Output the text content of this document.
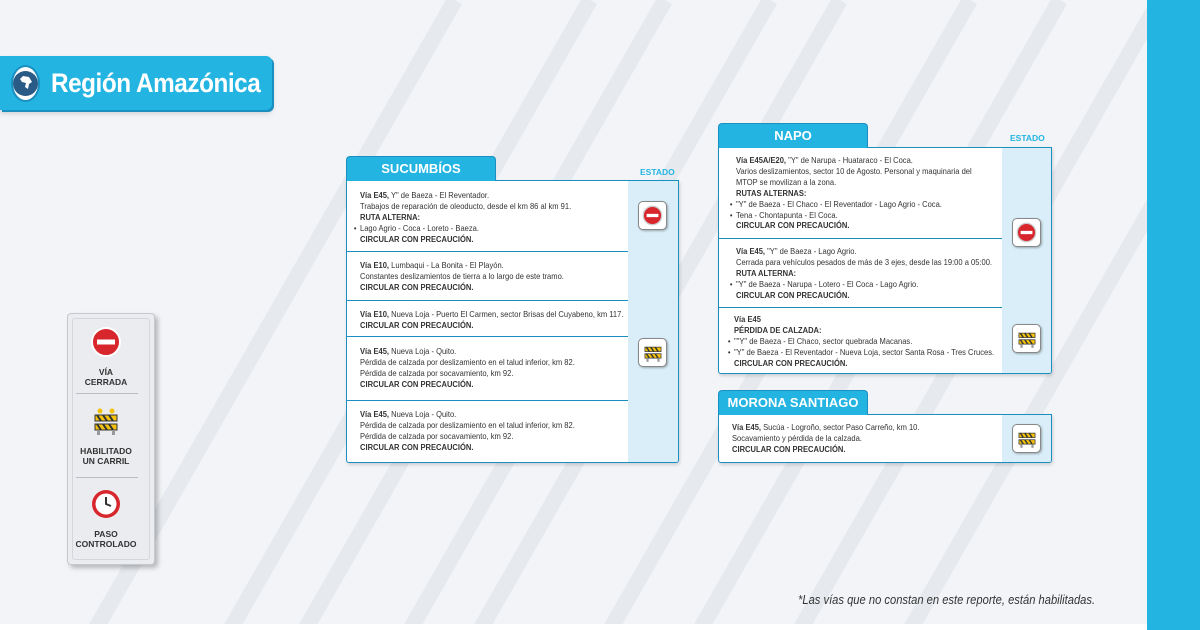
Región Amazónica
VÍA
CERRADA
HABILITADO
UN CARRIL
PASO
CONTROLADO
SUCUMBÍOS	ESTADO
Vía E45, Y" de Baeza - El Reventador.
Trabajos de reparación de oleoducto, desde el km 86 al km 91.
RUTA ALTERNA:
• Lago Agrio - Coca - Loreto - Baeza.
CIRCULAR CON PRECAUCIÓN.
Vía E10, Lumbaqui - La Bonita - El Playón.
Constantes deslizamientos de tierra a lo largo de este tramo.
CIRCULAR CON PRECAUCIÓN.
Vía E10, Nueva Loja - Puerto El Carmen, sector Brisas del Cuyabeno, km 117.
CIRCULAR CON PRECAUCIÓN.
Vía E45, Nueva Loja - Quito.
Pérdida de calzada por deslizamiento en el talud inferior, km 82.
Pérdida de calzada por socavamiento, km 92.
CIRCULAR CON PRECAUCIÓN.
Vía E45, Nueva Loja - Quito.
Pérdida de calzada por deslizamiento en el talud inferior, km 82.
Pérdida de calzada por socavamiento, km 92.
CIRCULAR CON PRECAUCIÓN.
NAPO	ESTADO
Vía E45A/E20, "Y" de Narupa - Huataraco - El Coca.
Varios deslizamientos, sector 10 de Agosto. Personal y maquinaria del
MTOP se movilizan a la zona.
RUTAS ALTERNAS:
• "Y" de Baeza - El Chaco - El Reventador - Lago Agrio - Coca.
• Tena - Chontapunta - El Coca.
CIRCULAR CON PRECAUCIÓN.
Vía E45, "Y" de Baeza - Lago Agrio.
Cerrada para vehículos pesados de más de 3 ejes, desde las 19:00 a 05:00.
RUTA ALTERNA:
• "Y" de Baeza - Narupa - Lotero - El Coca - Lago Agrio.
CIRCULAR CON PRECAUCIÓN.
Vía E45
PÉRDIDA DE CALZADA:
• ""Y" de Baeza - El Chaco, sector quebrada Macanas.
• "Y" de Baeza - El Reventador - Nueva Loja, sector Santa Rosa - Tres Cruces.
CIRCULAR CON PRECAUCIÓN.
MORONA SANTIAGO
Vía E45, Sucúa - Logroño, sector Paso Carreño, km 10.
Socavamiento y pérdida de la calzada.
CIRCULAR CON PRECAUCIÓN.
*Las vías que no constan en este reporte, están habilitadas.
